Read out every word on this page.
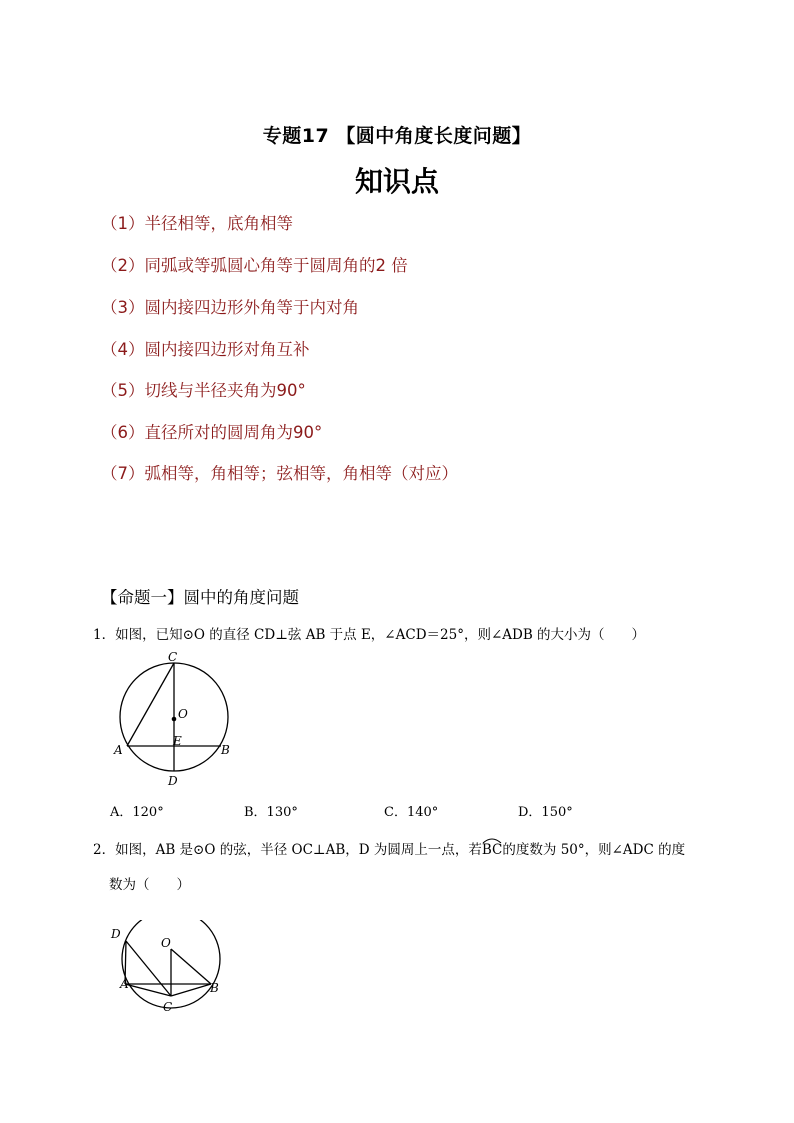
专题17 【圆中角度长度问题】
知识点
（1）半径相等，底角相等
（2）同弧或等弧圆心角等于圆周角的2 倍
（3）圆内接四边形外角等于内对角
（4）圆内接四边形对角互补
（5）切线与半径夹角为90°
（6）直径所对的圆周角为90°
（7）弧相等，角相等；弦相等，角相等（对应）
【命题一】圆中的角度问题
1．如图，已知⊙O 的直径 CD⊥弦 AB 于点 E，∠ACD＝25°，则∠ADB 的大小为（　　）
C
O
E
A	B
D
A．120°	B．130°	C．140°	D．150°
2．如图，AB 是⊙O 的弦，半径 OC⊥AB，D 为圆周上一点，若
BC的度数为 50°，则∠ADC 的度
数为（　　）
D
O
A	B
C
